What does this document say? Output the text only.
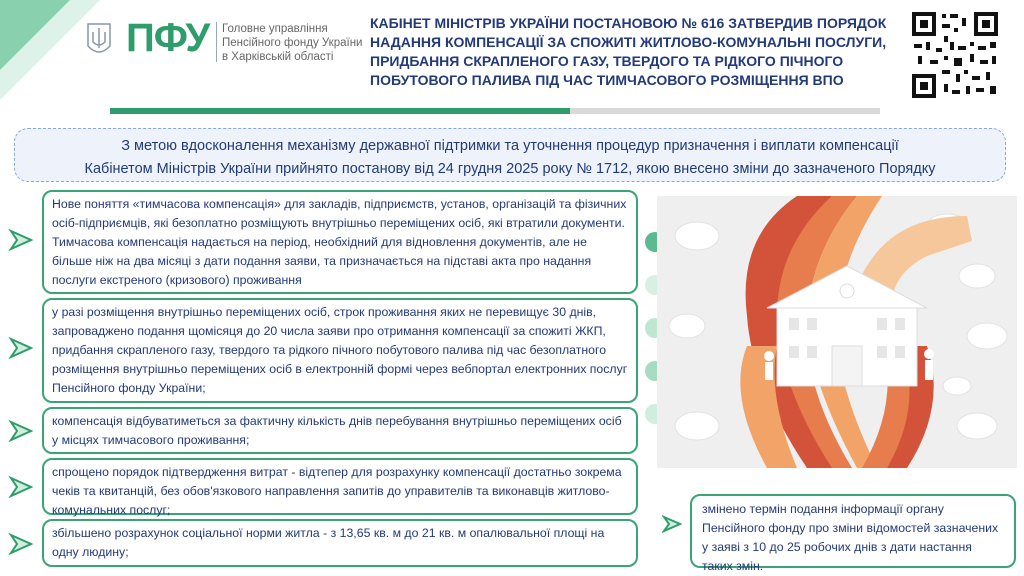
ПФУ Головне управління
Пенсійного фонду України
в Харківській області
КАБІНЕТ МІНІСТРІВ УКРАЇНИ ПОСТАНОВОЮ № 616 ЗАТВЕРДИВ ПОРЯДОК НАДАННЯ КОМПЕНСАЦІЇ ЗА СПОЖИТІ ЖИТЛОВО-КОМУНАЛЬНІ ПОСЛУГИ, ПРИДБАННЯ СКРАПЛЕНОГО ГАЗУ, ТВЕРДОГО ТА РІДКОГО ПІЧНОГО ПОБУТОВОГО ПАЛИВА ПІД ЧАС ТИМЧАСОВОГО РОЗМІЩЕННЯ ВПО
З метою вдосконалення механізму державної підтримки та уточнення процедур призначення і виплати компенсації
Кабінетом Міністрів України прийнято постанову від 24 грудня 2025 року № 1712, якою внесено зміни до зазначеного Порядку
Нове поняття «тимчасова компенсація» для закладів, підприємств, установ, організацій та фізичних осіб-підприємців, які безоплатно розміщують внутрішньо переміщених осіб, які втратили документи. Тимчасова компенсація надається на період, необхідний для відновлення документів, але не більше ніж на два місяці з дати подання заяви, та призначається на підставі акта про надання послуги екстреного (кризового) проживання
у разі розміщення внутрішньо переміщених осіб, строк проживання яких не перевищує 30 днів, запроваджено подання щомісяця до 20 числа заяви про отримання компенсації за спожиті ЖКП, придбання скрапленого газу, твердого та рідкого пічного побутового палива під час безоплатного розміщення внутрішньо переміщених осіб в електронній формі через вебпортал електронних послуг Пенсійного фонду України;
компенсація відбуватиметься за фактичну кількість днів перебування внутрішньо переміщених осіб у місцях тимчасового проживання;
спрощено порядок підтвердження витрат - відтепер для розрахунку компенсації достатньо зокрема чеків та квитанцій, без обов'язкового направлення запитів до управителів та виконавців житлово-комунальних послуг;
збільшено розрахунок соціальної норми житла - з 13,65 кв. м до 21 кв. м опалювальної площі на одну людину;
змінено термін подання інформації органу Пенсійного фонду про зміни відомостей зазначених у заяві з 10 до 25 робочих днів з дати настання таких змін.
